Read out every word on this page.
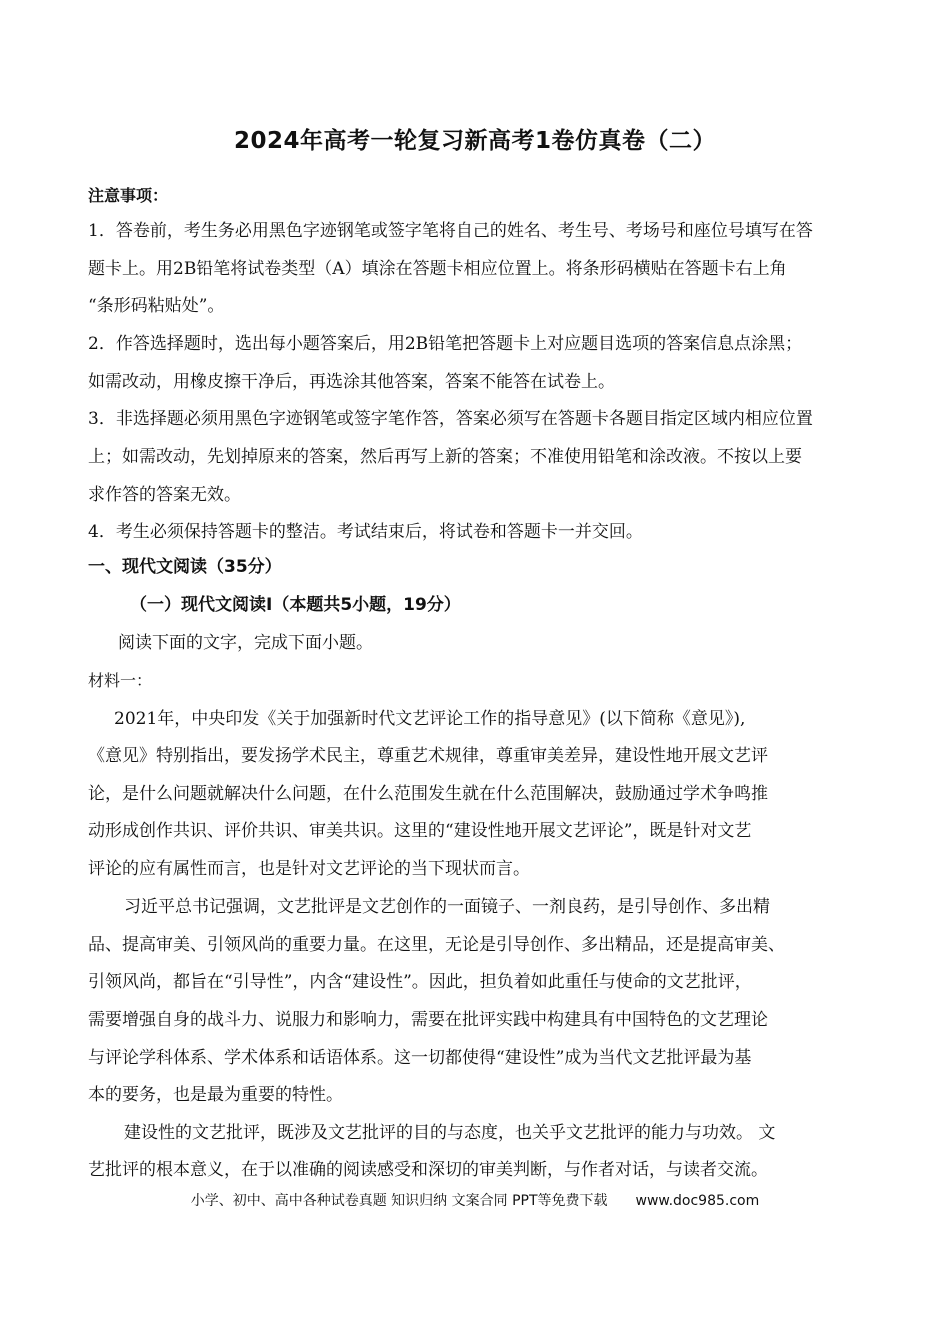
2024年高考一轮复习新高考1卷仿真卷（二）
注意事项：
1．答卷前，考生务必用黑色字迹钢笔或签字笔将自己的姓名、考生号、考场号和座位号填写在答
题卡上。用2B铅笔将试卷类型（A）填涂在答题卡相应位置上。将条形码横贴在答题卡右上角
“条形码粘贴处”。
2．作答选择题时，选出每小题答案后，用2B铅笔把答题卡上对应题目选项的答案信息点涂黑；
如需改动，用橡皮擦干净后，再选涂其他答案，答案不能答在试卷上。
3．非选择题必须用黑色字迹钢笔或签字笔作答，答案必须写在答题卡各题目指定区域内相应位置
上；如需改动，先划掉原来的答案，然后再写上新的答案；不准使用铅笔和涂改液。不按以上要
求作答的答案无效。
4．考生必须保持答题卡的整洁。考试结束后，将试卷和答题卡一并交回。
一、现代文阅读（35分）
（一）现代文阅读I（本题共5小题，19分）
阅读下面的文字，完成下面小题。
材料一：
2021年，中央印发《关于加强新时代文艺评论工作的指导意见》(以下简称《意见》),
《意见》特别指出，要发扬学术民主，尊重艺术规律，尊重审美差异，建设性地开展文艺评
论，是什么问题就解决什么问题，在什么范围发生就在什么范围解决，鼓励通过学术争鸣推
动形成创作共识、评价共识、审美共识。这里的“建设性地开展文艺评论”，既是针对文艺
评论的应有属性而言，也是针对文艺评论的当下现状而言。
习近平总书记强调，文艺批评是文艺创作的一面镜子、一剂良药，是引导创作、多出精
品、提高审美、引领风尚的重要力量。在这里，无论是引导创作、多出精品，还是提高审美、
引领风尚，都旨在“引导性”，内含“建设性”。因此，担负着如此重任与使命的文艺批评，
需要增强自身的战斗力、说服力和影响力，需要在批评实践中构建具有中国特色的文艺理论
与评论学科体系、学术体系和话语体系。这一切都使得“建设性”成为当代文艺批评最为基
本的要务，也是最为重要的特性。
建设性的文艺批评，既涉及文艺批评的目的与态度，也关乎文艺批评的能力与功效。 文
艺批评的根本意义，在于以准确的阅读感受和深切的审美判断，与作者对话，与读者交流。
小学、初中、高中各种试卷真题 知识归纳 文案合同 PPT等免费下载 www.doc985.com
